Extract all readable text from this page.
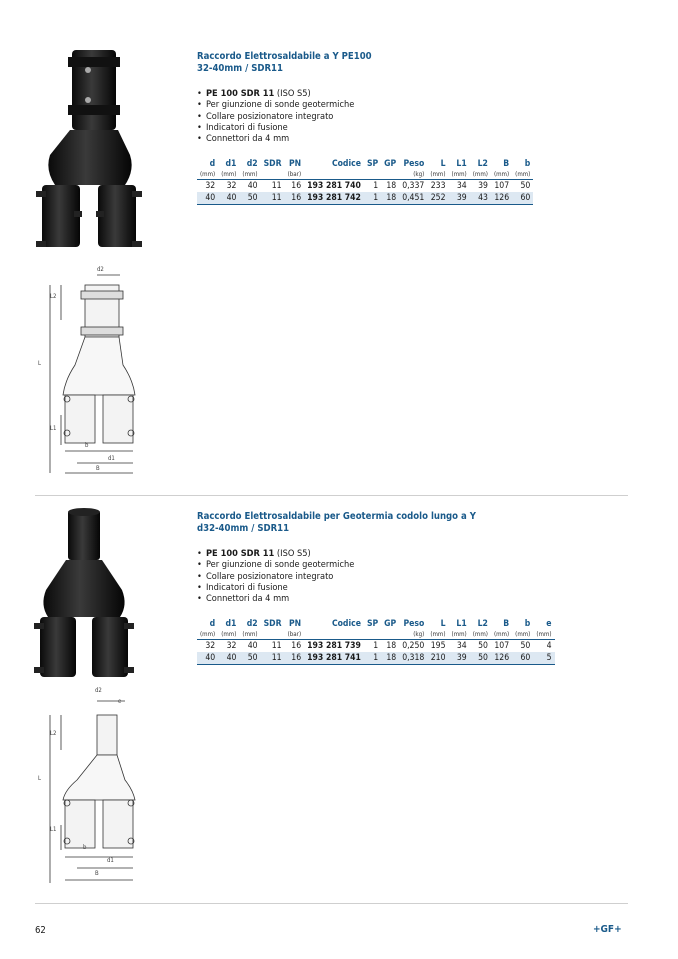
d2
L2
L
L1
b
d1
B
Raccordo Elettrosaldabile a Y PE100
32-40mm / SDR11
• PE 100 SDR 11 (ISO S5)
• Per giunzione di sonde geotermiche
• Collare posizionatore integrato
• Indicatori di fusione
• Connettori da 4 mm
d	d1	d2	SDR	PN	Codice	SP	GP	Peso	L	L1	L2	B	b
(mm)	(mm)	(mm)		(bar)				(kg)	(mm)	(mm)	(mm)	(mm)	(mm)
32	32	40	11	16	193 281 740	1	18	0,337	233	34	39	107	50
40	40	50	11	16	193 281 742	1	18	0,451	252	39	43	126	60
d2
e
L2
L
L1
b
d1
B
Raccordo Elettrosaldabile per Geotermia codolo lungo a Y
d32-40mm / SDR11
• PE 100 SDR 11 (ISO S5)
• Per giunzione di sonde geotermiche
• Collare posizionatore integrato
• Indicatori di fusione
• Connettori da 4 mm
d	d1	d2	SDR	PN	Codice	SP	GP	Peso	L	L1	L2	B	b	e
(mm)	(mm)	(mm)		(bar)				(kg)	(mm)	(mm)	(mm)	(mm)	(mm)	(mm)
32	32	40	11	16	193 281 739	1	18	0,250	195	34	50	107	50	4
40	40	50	11	16	193 281 741	1	18	0,318	210	39	50	126	60	5
62	+GF+
